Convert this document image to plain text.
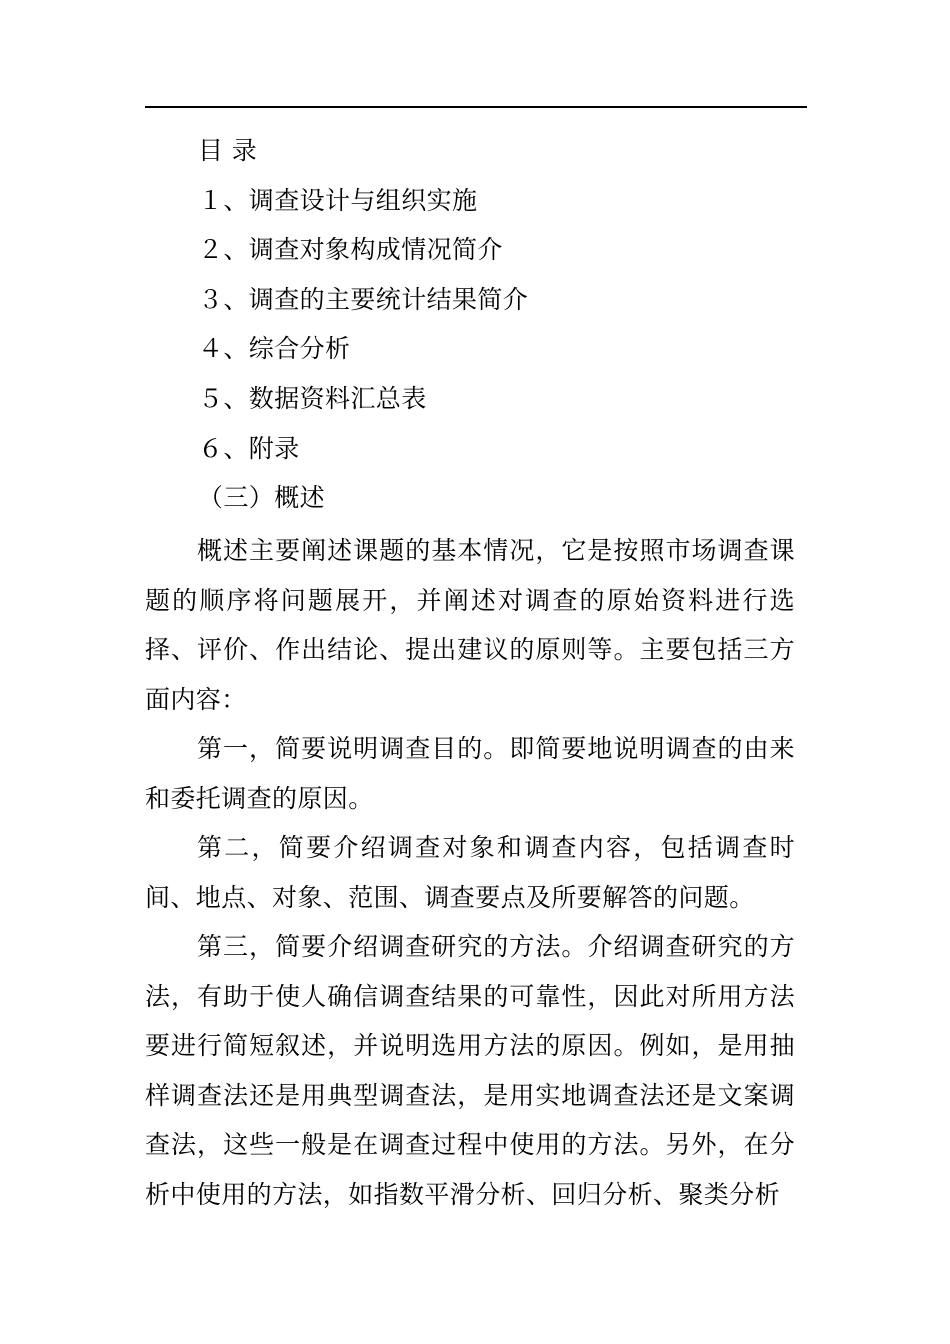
目 录
１、调查设计与组织实施
２、调查对象构成情况简介
３、调查的主要统计结果简介
４、综合分析
５、数据资料汇总表
６、附录
（三）概述
概述主要阐述课题的基本情况，它是按照市场调查课题的顺序将问题展开，并阐述对调查的原始资料进行选择、评价、作出结论、提出建议的原则等。主要包括三方面内容：
第一，简要说明调查目的。即简要地说明调查的由来和委托调查的原因。
第二，简要介绍调查对象和调查内容，包括调查时间、地点、对象、范围、调查要点及所要解答的问题。
第三，简要介绍调查研究的方法。介绍调查研究的方法，有助于使人确信调查结果的可靠性，因此对所用方法要进行简短叙述，并说明选用方法的原因。例如，是用抽样调查法还是用典型调查法，是用实地调查法还是文案调查法，这些一般是在调查过程中使用的方法。另外，在分析中使用的方法，如指数平滑分析、回归分析、聚类分析
